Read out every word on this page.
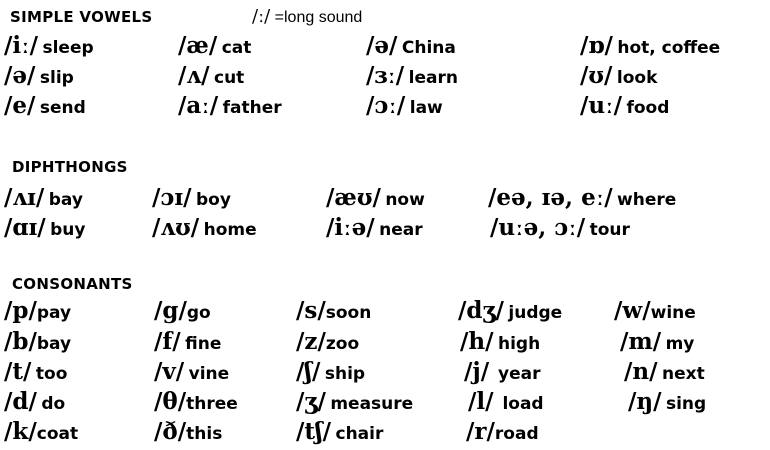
SIMPLE VOWELS	/ː/ =long sound
DIPHTHONGS
CONSONANTS
/iː/ sleep	/æ/ cat	/ə/ China	/ɒ/ hot, coffee
/ə/ slip	/ʌ/ cut	/ɜː/ learn	/ʊ/ look
/e/ send	/aː/ father	/ɔː/ law	/uː/ food
/ʌɪ/ bay	/ɔɪ/ boy	/æʊ/ now	/eə, ɪə, eː/ where
/ɑɪ/ buy	/ʌʊ/ home	/iːə/ near	/uːə, ɔː/ tour
/p/pay	/g/go	/s/soon	/dʒ/ judge /w/wine
/b/bay	/f/ fine	/z/zoo	/h/ high	/m/ my
/t/ too	/v/ vine	/ʃ/ ship	/j/ year	/n/ next
/d/ do	/θ/three	/ʒ/ measure /l/ load	/ŋ/ sing
/k/coat	/ð/this	/tʃ/ chair	/r/road
